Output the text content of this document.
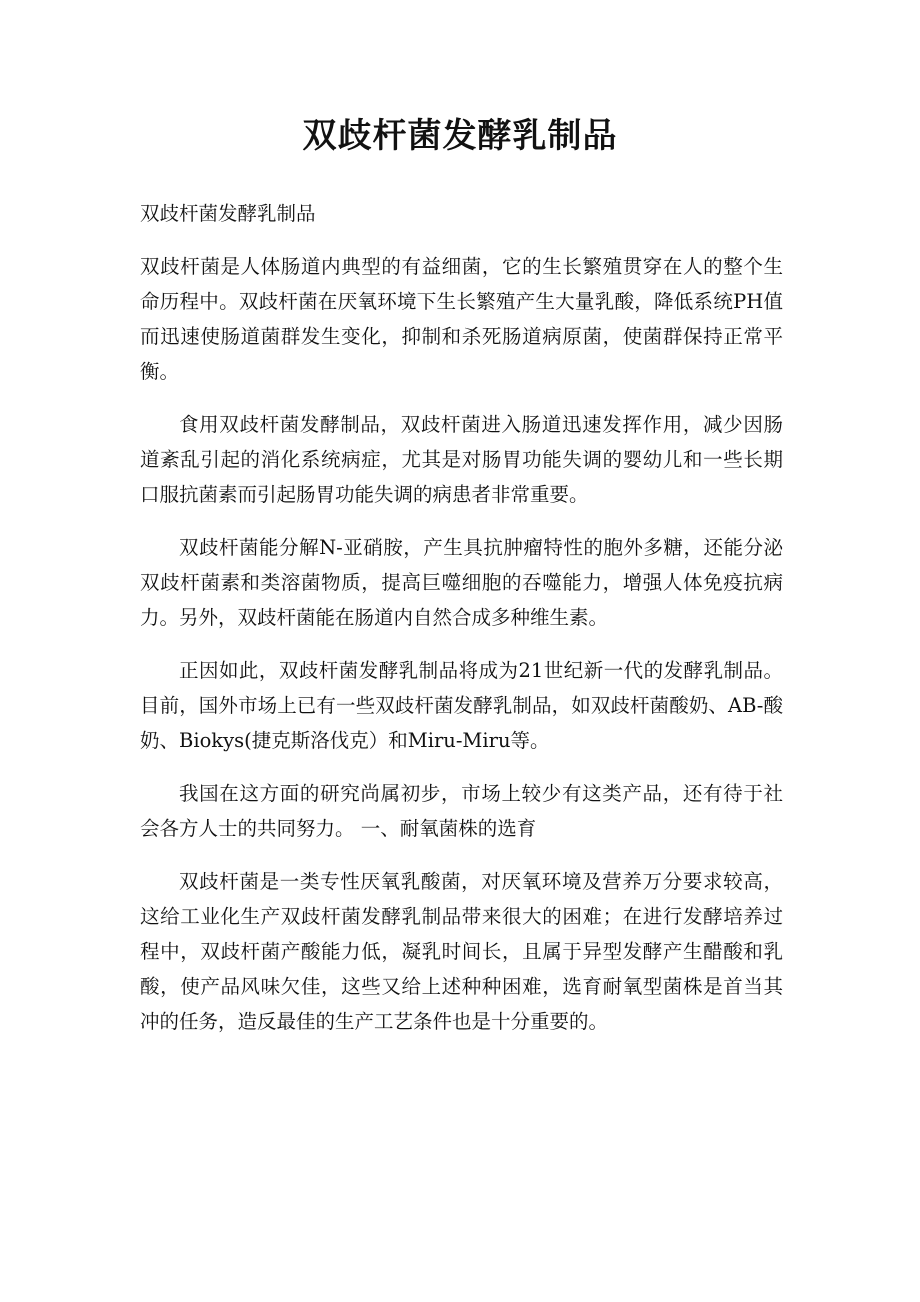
双歧杆菌发酵乳制品

双歧杆菌发酵乳制品

双歧杆菌是人体肠道内典型的有益细菌，它的生长繁殖贯穿在人的整个生命历程中。双歧杆菌在厌氧环境下生长繁殖产生大量乳酸，降低系统PH值而迅速使肠道菌群发生变化，抑制和杀死肠道病原菌，使菌群保持正常平衡。

食用双歧杆菌发酵制品，双歧杆菌进入肠道迅速发挥作用，减少因肠道紊乱引起的消化系统病症，尤其是对肠胃功能失调的婴幼儿和一些长期口服抗菌素而引起肠胃功能失调的病患者非常重要。

双歧杆菌能分解N-亚硝胺，产生具抗肿瘤特性的胞外多糖，还能分泌双歧杆菌素和类溶菌物质，提高巨噬细胞的吞噬能力，增强人体免疫抗病力。另外，双歧杆菌能在肠道内自然合成多种维生素。

正因如此，双歧杆菌发酵乳制品将成为21世纪新一代的发酵乳制品。目前，国外市场上已有一些双歧杆菌发酵乳制品，如双歧杆菌酸奶、AB-酸奶、Biokys(捷克斯洛伐克）和Miru-Miru等。

我国在这方面的研究尚属初步，市场上较少有这类产品，还有待于社会各方人士的共同努力。 一、耐氧菌株的选育

双歧杆菌是一类专性厌氧乳酸菌，对厌氧环境及营养万分要求较高，这给工业化生产双歧杆菌发酵乳制品带来很大的困难；在进行发酵培养过程中，双歧杆菌产酸能力低，凝乳时间长，且属于异型发酵产生醋酸和乳酸，使产品风味欠佳，这些又给上述种种困难，选育耐氧型菌株是首当其冲的任务，造反最佳的生产工艺条件也是十分重要的。
